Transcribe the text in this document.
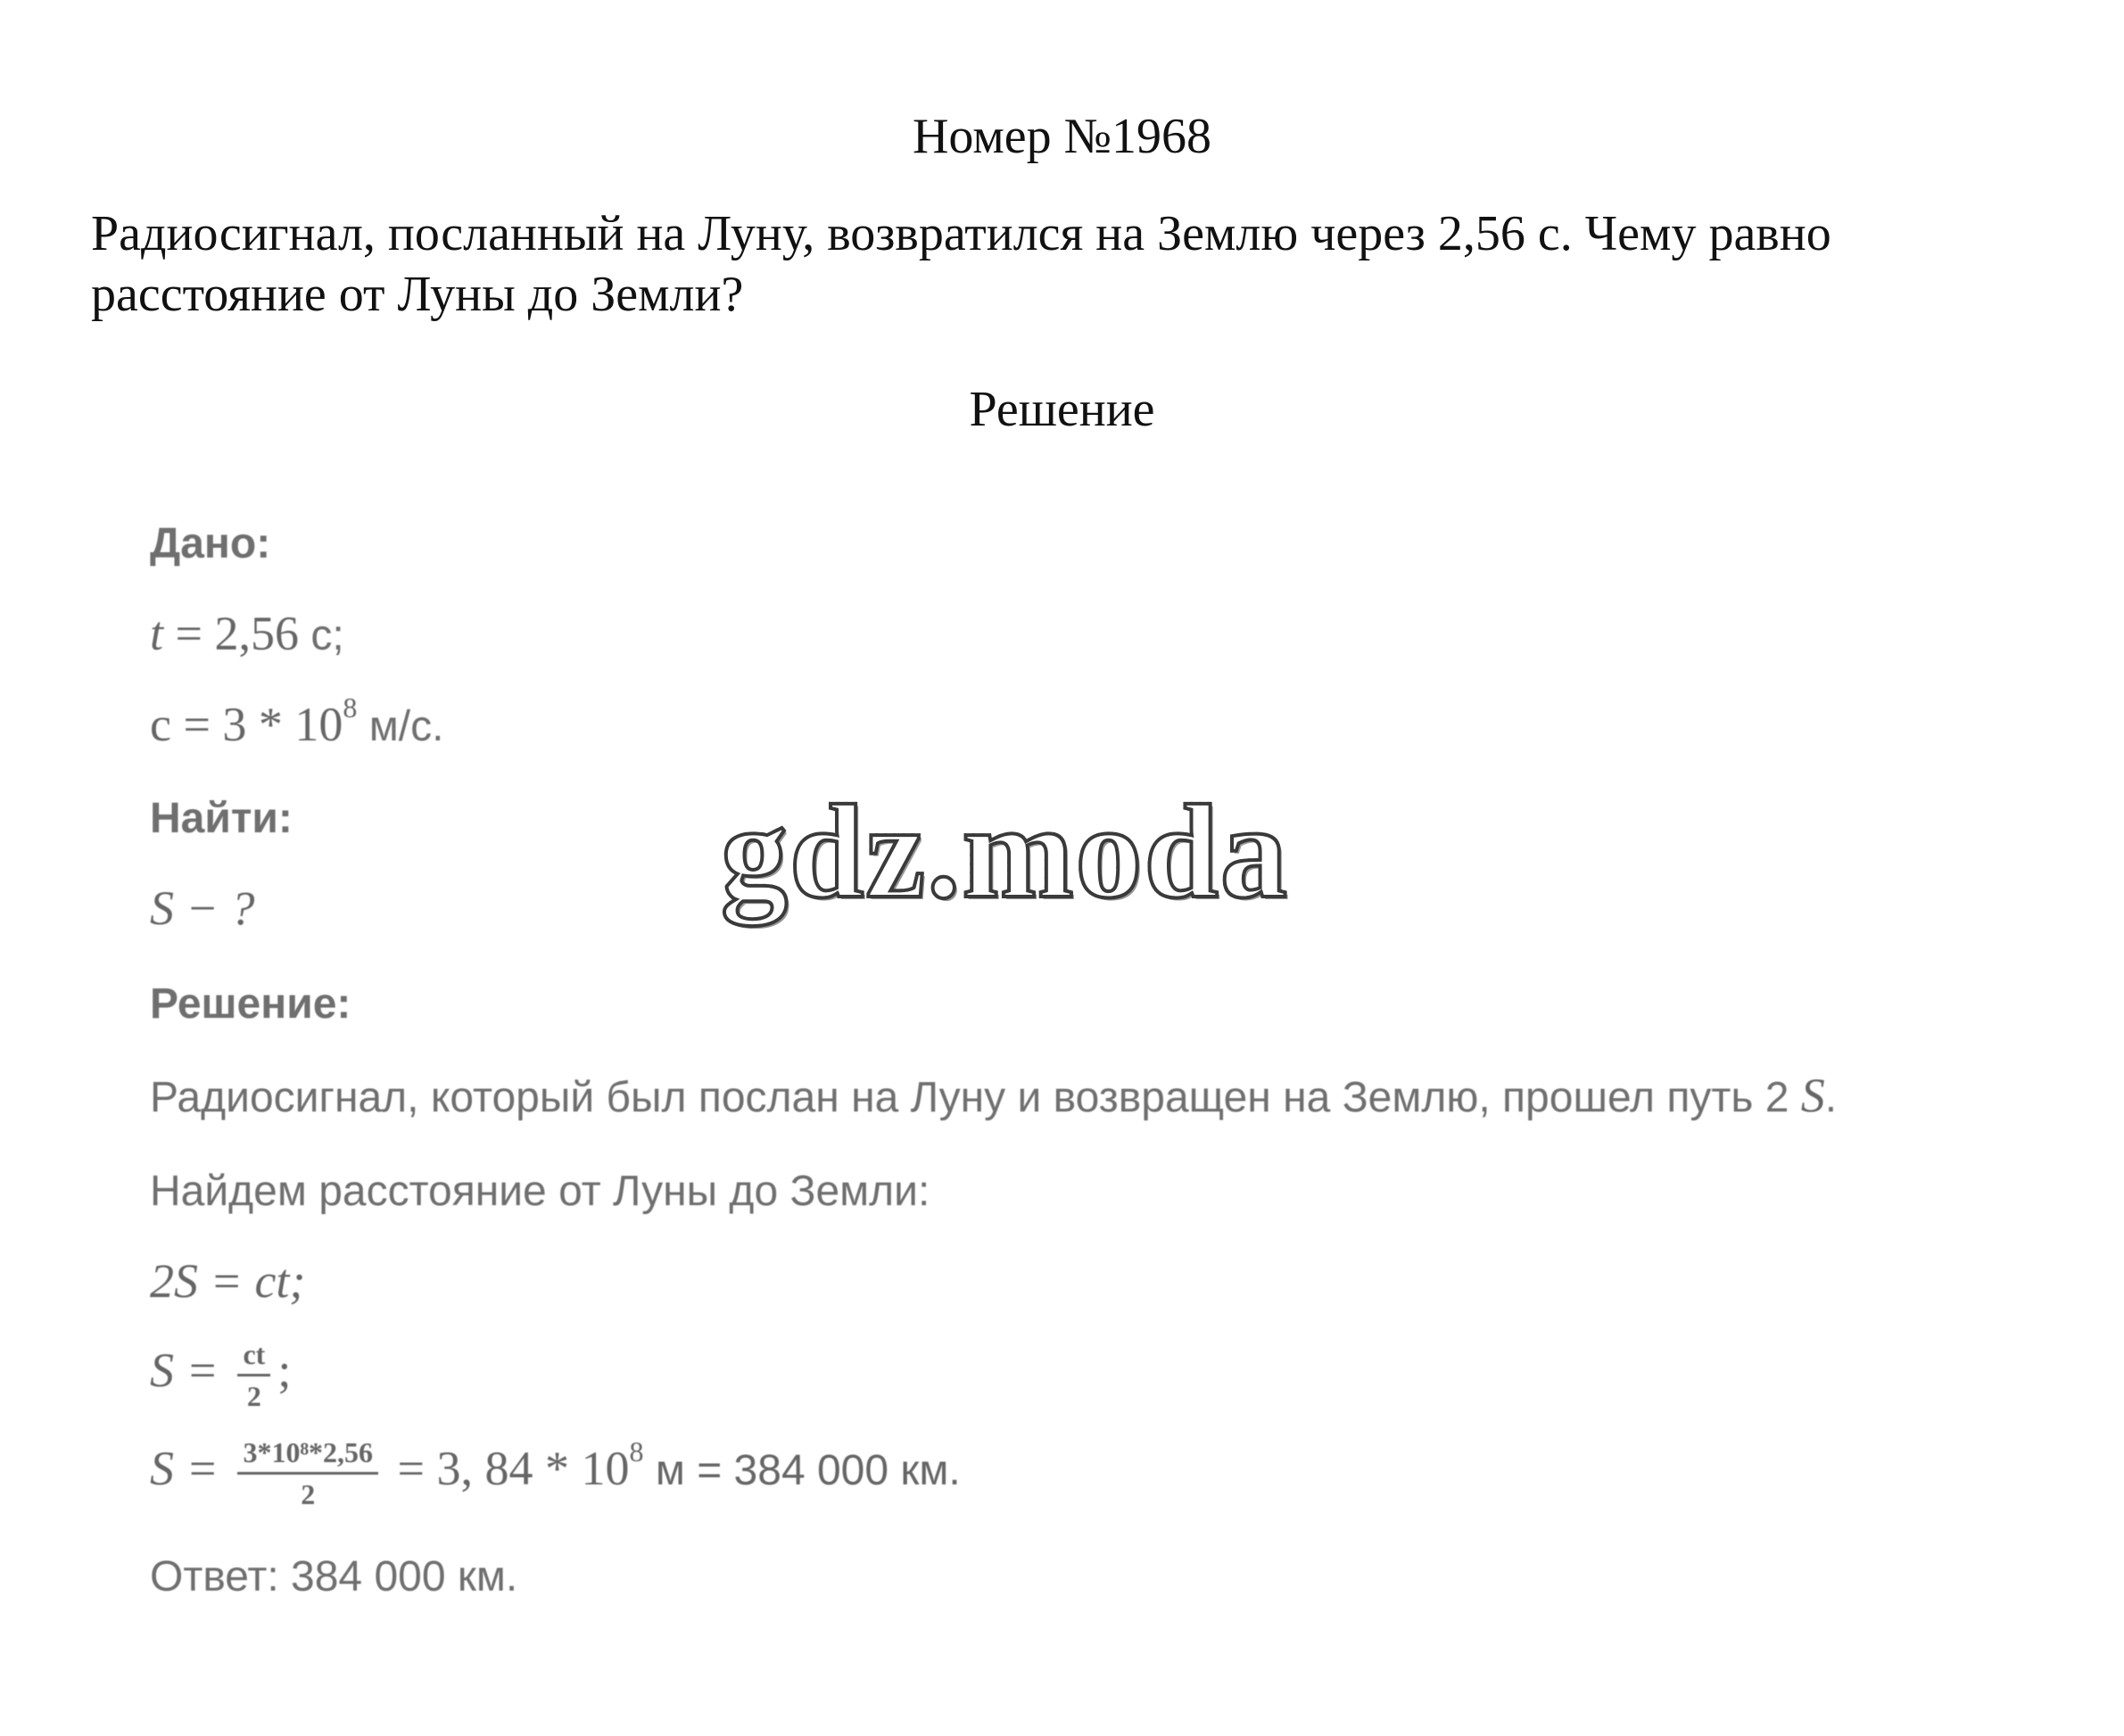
Номер №1968
Радиосигнал, посланный на Луну, возвратился на Землю через 2,56 с. Чему равно расстояние от Луны до Земли?
Решение
Дано:
t = 2,56 с;
$c = 3 * 10^8$ м/с.
Найти:
S − ?
Решение:
Радиосигнал, который был послан на Луну и возвращен на Землю, прошел путь 2 S.
Найдем расстояние от Луны до Земли:
2S = ct;
$S = \frac{ct}{2}$ ;
$S = \frac{\text{3*10⁸*2,56}}{2} = 3$, $84 * 10^8$ м = 384 000 км.
Ответ: 384 000 км.
gdz.moda
